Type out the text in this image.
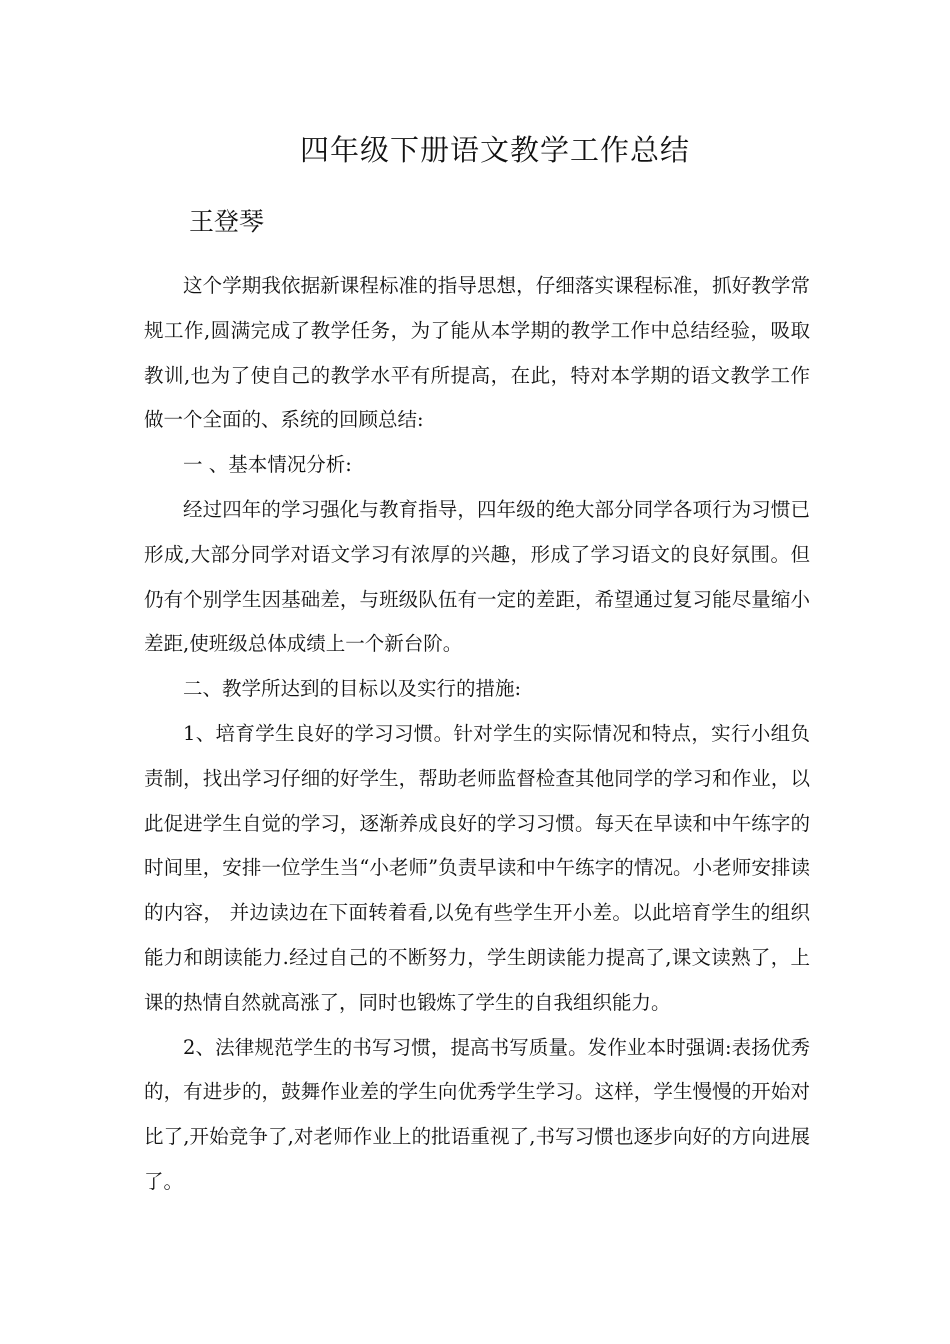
四年级下册语文教学工作总结

王登琴

这个学期我依据新课程标准的指导思想，仔细落实课程标准，抓好教学常规工作,圆满完成了教学任务，为了能从本学期的教学工作中总结经验，吸取教训,也为了使自己的教学水平有所提高，在此，特对本学期的语文教学工作做一个全面的、系统的回顾总结:

一 、基本情况分析:

经过四年的学习强化与教育指导，四年级的绝大部分同学各项行为习惯已形成,大部分同学对语文学习有浓厚的兴趣，形成了学习语文的良好氛围。但仍有个别学生因基础差，与班级队伍有一定的差距，希望通过复习能尽量缩小差距,使班级总体成绩上一个新台阶。

二、教学所达到的目标以及实行的措施:

1、培育学生良好的学习习惯。针对学生的实际情况和特点，实行小组负责制，找出学习仔细的好学生，帮助老师监督检查其他同学的学习和作业，以此促进学生自觉的学习，逐渐养成良好的学习习惯。每天在早读和中午练字的时间里，安排一位学生当“小老师”负责早读和中午练字的情况。小老师安排读的内容， 并边读边在下面转着看,以免有些学生开小差。以此培育学生的组织能力和朗读能力.经过自己的不断努力，学生朗读能力提高了,课文读熟了，上课的热情自然就高涨了，同时也锻炼了学生的自我组织能力。

2、法律规范学生的书写习惯，提高书写质量。发作业本时强调:表扬优秀的，有进步的，鼓舞作业差的学生向优秀学生学习。这样，学生慢慢的开始对比了,开始竞争了,对老师作业上的批语重视了,书写习惯也逐步向好的方向进展了。
